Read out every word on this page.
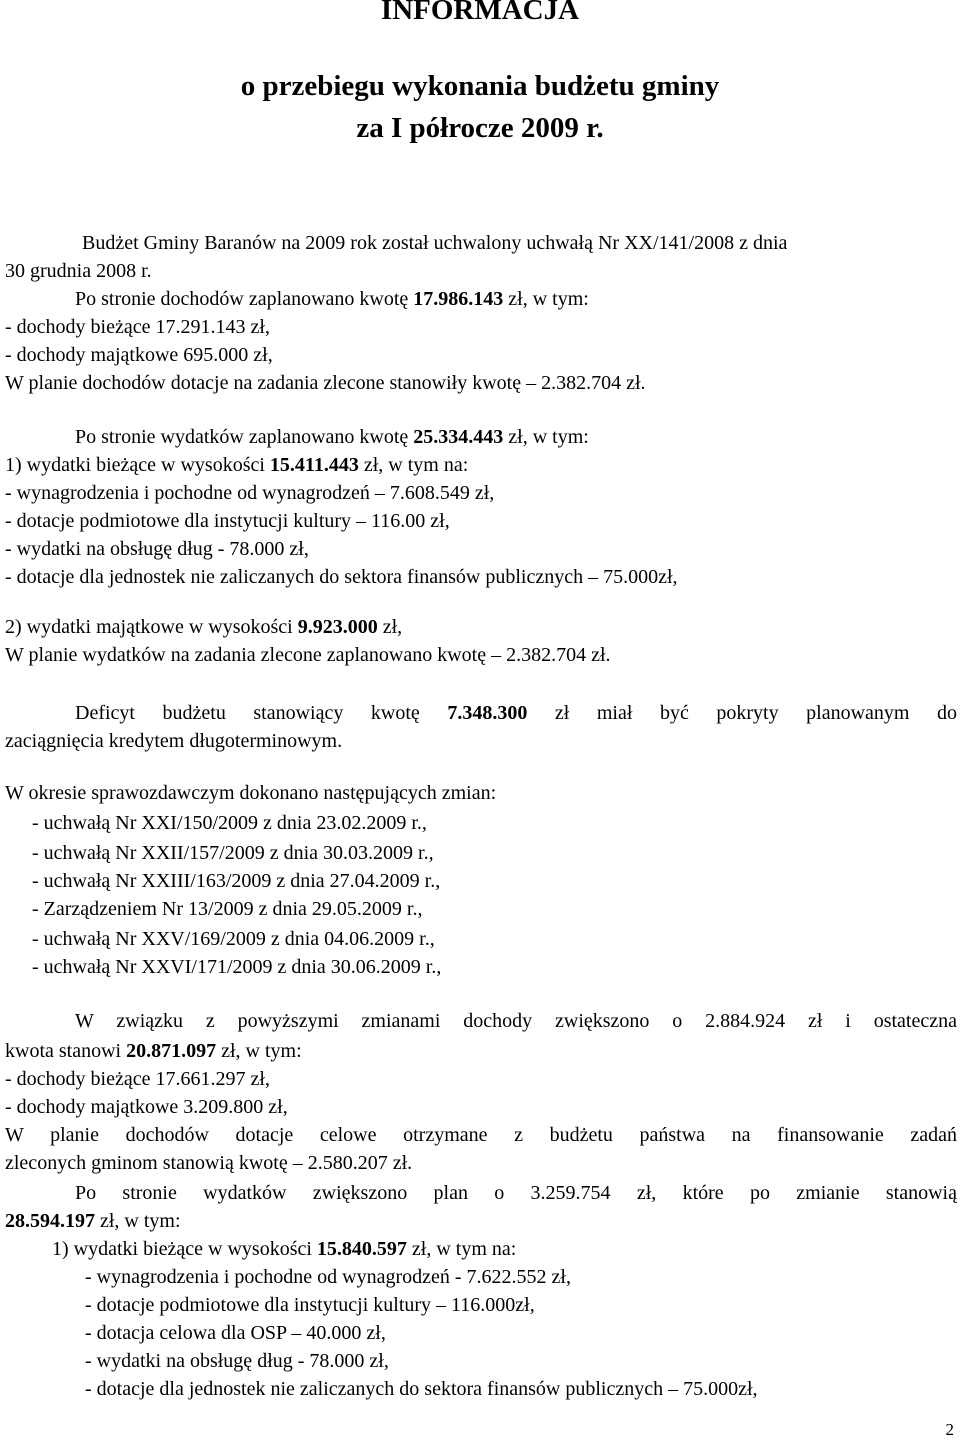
INFORMACJA
o przebiegu wykonania budżetu gminy
za I półrocze 2009 r.
Budżet Gminy Baranów na 2009 rok został uchwalony uchwałą Nr XX/141/2008 z dnia
30 grudnia 2008 r.
Po stronie dochodów zaplanowano kwotę 17.986.143 zł, w tym:
- dochody bieżące 17.291.143 zł,
- dochody majątkowe 695.000 zł,
W planie dochodów dotacje na zadania zlecone stanowiły kwotę – 2.382.704 zł.
Po stronie wydatków zaplanowano kwotę 25.334.443 zł, w tym:
1) wydatki bieżące w wysokości 15.411.443 zł, w tym na:
- wynagrodzenia i pochodne od wynagrodzeń – 7.608.549 zł,
- dotacje podmiotowe dla instytucji kultury – 116.00 zł,
- wydatki na obsługę dług - 78.000 zł,
- dotacje dla jednostek nie zaliczanych do sektora finansów publicznych – 75.000zł,
2) wydatki majątkowe w wysokości 9.923.000 zł,
W planie wydatków na zadania zlecone zaplanowano kwotę – 2.382.704 zł.
Deficyt budżetu stanowiący kwotę 7.348.300 zł miał być pokryty planowanym do
zaciągnięcia kredytem długoterminowym.
W okresie sprawozdawczym dokonano następujących zmian:
- uchwałą Nr XXI/150/2009 z dnia 23.02.2009 r.,
- uchwałą Nr XXII/157/2009 z dnia 30.03.2009 r.,
- uchwałą Nr XXIII/163/2009 z dnia 27.04.2009 r.,
- Zarządzeniem Nr 13/2009 z dnia 29.05.2009 r.,
- uchwałą Nr XXV/169/2009 z dnia 04.06.2009 r.,
- uchwałą Nr XXVI/171/2009 z dnia 30.06.2009 r.,
W związku z powyższymi zmianami dochody zwiększono o 2.884.924 zł i ostateczna
kwota stanowi 20.871.097 zł, w tym:
- dochody bieżące 17.661.297 zł,
- dochody majątkowe 3.209.800 zł,
W planie dochodów dotacje celowe otrzymane z budżetu państwa na finansowanie zadań
zleconych gminom stanowią kwotę – 2.580.207 zł.
Po stronie wydatków zwiększono plan o 3.259.754 zł, które po zmianie stanowią
28.594.197 zł, w tym:
1) wydatki bieżące w wysokości 15.840.597 zł, w tym na:
- wynagrodzenia i pochodne od wynagrodzeń - 7.622.552 zł,
- dotacje podmiotowe dla instytucji kultury – 116.000zł,
- dotacja celowa dla OSP – 40.000 zł,
- wydatki na obsługę dług - 78.000 zł,
- dotacje dla jednostek nie zaliczanych do sektora finansów publicznych – 75.000zł,
2
